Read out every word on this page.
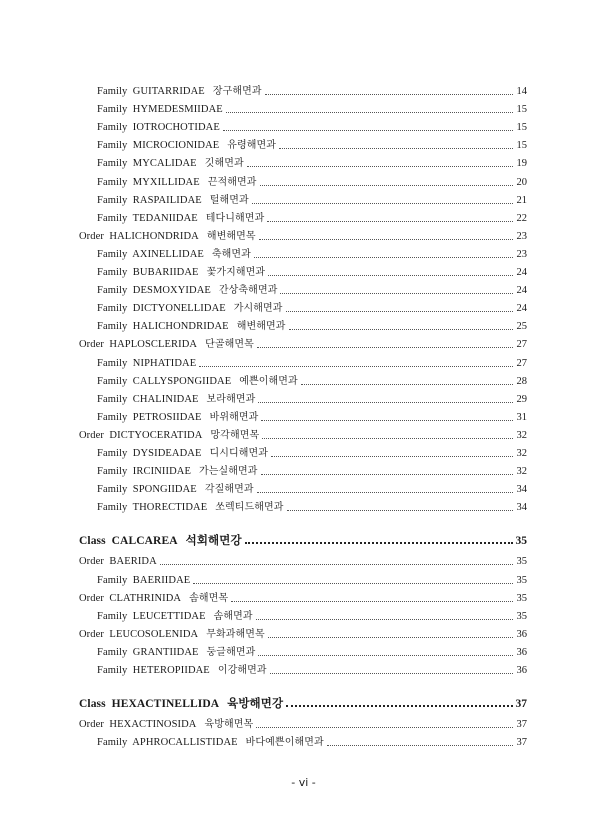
Family  GUITARRIDAE 장구해면과	14
Family  HYMEDESMIIDAE	15
Family  IOTROCHOTIDAE	15
Family  MICROCIONIDAE 유령해면과	15
Family  MYCALIDAE 깃해면과	19
Family  MYXILLIDAE 끈적해면과	20
Family  RASPAILIDAE 털해면과	21
Family  TEDANIIDAE 테다니해면과	22
Order  HALICHONDRIDA 해변해면목	23
Family  AXINELLIDAE 축해면과	23
Family  BUBARIIDAE 꽃가지해면과	24
Family  DESMOXYIDAE 간상축해면과	24
Family  DICTYONELLIDAE 가시해면과	24
Family  HALICHONDRIDAE 해변해면과	25
Order  HAPLOSCLERIDA 단골해면목	27
Family  NIPHATIDAE	27
Family  CALLYSPONGIIDAE 예쁜이해면과	28
Family  CHALINIDAE 보라해면과	29
Family  PETROSIIDAE 바위해면과	31
Order  DICTYOCERATIDA 망각해면목	32
Family  DYSIDEADAE 디시디해면과	32
Family  IRCINIIDAE 가는실해면과	32
Family  SPONGIIDAE 각질해면과	34
Family  THORECTIDAE 쏘렉티드해면과	34
Class  CALCAREA 석회해면강	35
Order  BAERIDA	35
Family  BAERIIDAE	35
Order  CLATHRINIDA 솜해면목	35
Family  LEUCETTIDAE 솜해면과	35
Order  LEUCOSOLENIDA 무화과해면목	36
Family  GRANTIIDAE 둥글해면과	36
Family  HETEROPIIDAE 이강해면과	36
Class  HEXACTINELLIDA 육방해면강	37
Order  HEXACTINOSIDA 육방해면목	37
Family  APHROCALLISTIDAE 바다예쁜이해면과	37
- vi -
